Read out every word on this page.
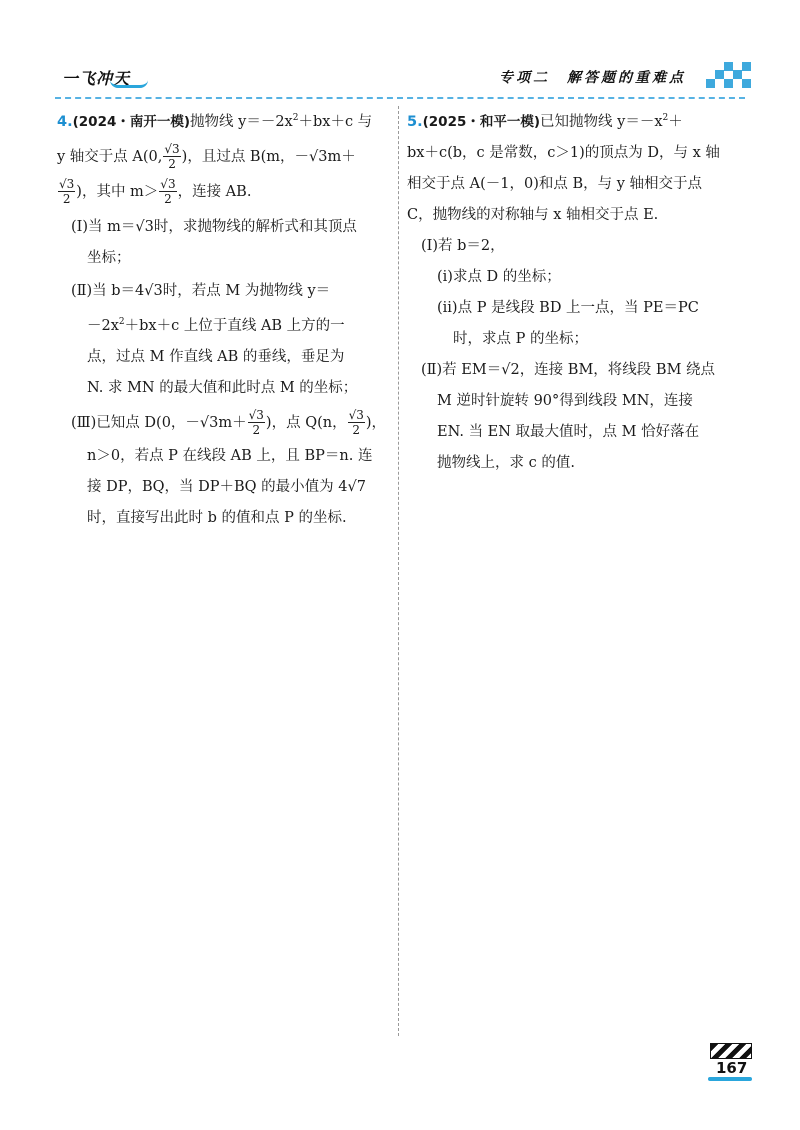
一飞冲天	专项二　解答题的重难点
4.(2024・南开一模)抛物线 $y=-2x^2+bx+c$ 与
y 轴交于点 A(0, $\frac{√3}{2}$ )，且过点 B(m，－√3m＋
$\frac{√3}{2}$ )，其中 $m> \frac{√3}{2}$ ，连接 AB.
(Ⅰ)当 m＝√3时，求抛物线的解析式和其顶点
坐标；
(Ⅱ)当 b＝4√3时，若点 M 为抛物线 y＝
$-2x^2+bx+c$ 上位于直线 AB 上方的一
点，过点 M 作直线 AB 的垂线，垂足为
N. 求 MN 的最大值和此时点 M 的坐标；
(Ⅲ)已知点 D(0，$-√3m+ \frac{√3}{2}$ )，点 Q(n， $\frac{√3}{2}$ )，
n＞0，若点 P 在线段 AB 上，且 BP＝n. 连
接 DP，BQ，当 DP＋BQ 的最小值为 4√7
时，直接写出此时 b 的值和点 P 的坐标.
5.(2025・和平一模)已知抛物线 $y=-x^2+$
bx＋c(b，c 是常数，c＞1)的顶点为 D，与 x 轴
相交于点 A(－1，0)和点 B，与 y 轴相交于点
C，抛物线的对称轴与 x 轴相交于点 E.
(Ⅰ)若 b＝2，
(ⅰ)求点 D 的坐标；
(ⅱ)点 P 是线段 BD 上一点，当 PE＝PC
时，求点 P 的坐标；
(Ⅱ)若 EM＝√2，连接 BM，将线段 BM 绕点
M 逆时针旋转 90°得到线段 MN，连接
EN. 当 EN 取最大值时，点 M 恰好落在
抛物线上，求 c 的值.
167
